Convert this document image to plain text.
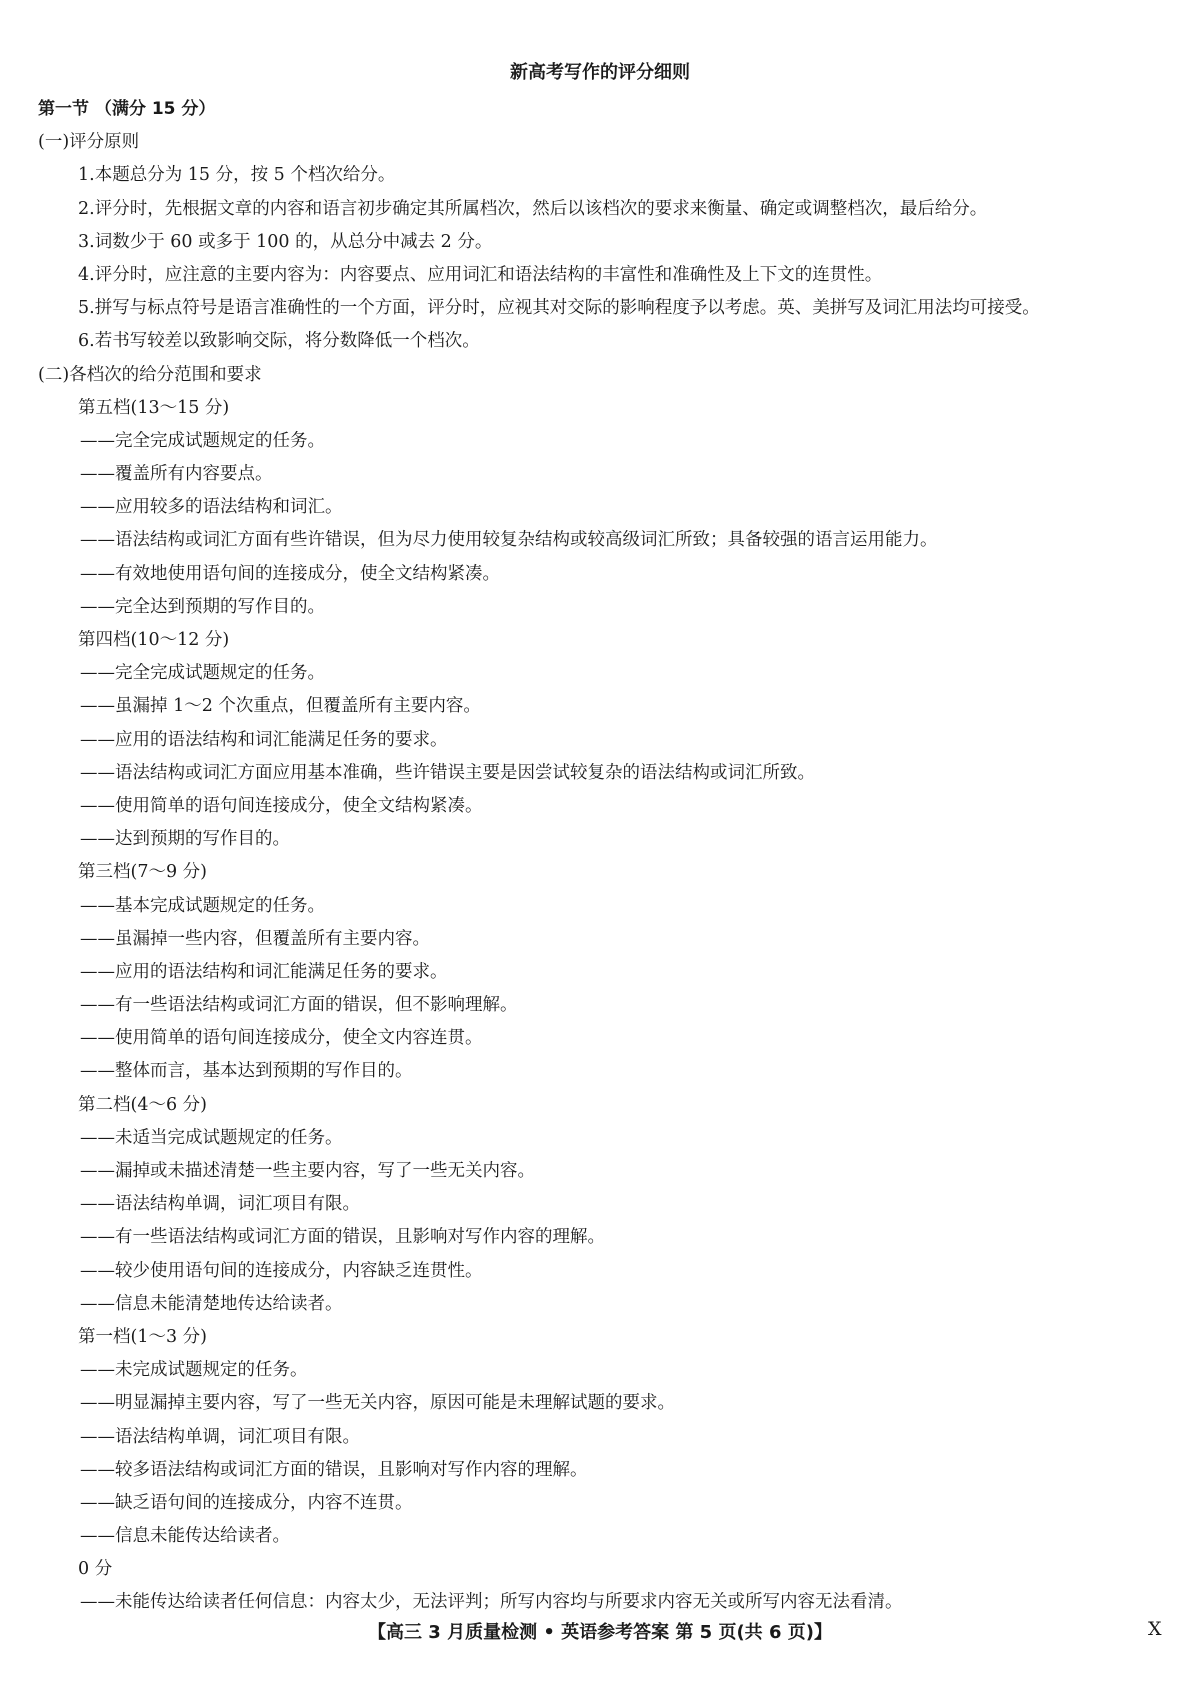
新高考写作的评分细则
第一节 （满分 15 分）
(一)评分原则
1.本题总分为 15 分，按 5 个档次给分。
2.评分时，先根据文章的内容和语言初步确定其所属档次，然后以该档次的要求来衡量、确定或调整档次，最后给分。
3.词数少于 60 或多于 100 的，从总分中减去 2 分。
4.评分时，应注意的主要内容为：内容要点、应用词汇和语法结构的丰富性和准确性及上下文的连贯性。
5.拼写与标点符号是语言准确性的一个方面，评分时，应视其对交际的影响程度予以考虑。英、美拼写及词汇用法均可接受。
6.若书写较差以致影响交际，将分数降低一个档次。
(二)各档次的给分范围和要求
第五档(13～15 分)
——完全完成试题规定的任务。
——覆盖所有内容要点。
——应用较多的语法结构和词汇。
——语法结构或词汇方面有些许错误，但为尽力使用较复杂结构或较高级词汇所致；具备较强的语言运用能力。
——有效地使用语句间的连接成分，使全文结构紧凑。
——完全达到预期的写作目的。
第四档(10～12 分)
——完全完成试题规定的任务。
——虽漏掉 1～2 个次重点，但覆盖所有主要内容。
——应用的语法结构和词汇能满足任务的要求。
——语法结构或词汇方面应用基本准确，些许错误主要是因尝试较复杂的语法结构或词汇所致。
——使用简单的语句间连接成分，使全文结构紧凑。
——达到预期的写作目的。
第三档(7～9 分)
——基本完成试题规定的任务。
——虽漏掉一些内容，但覆盖所有主要内容。
——应用的语法结构和词汇能满足任务的要求。
——有一些语法结构或词汇方面的错误，但不影响理解。
——使用简单的语句间连接成分，使全文内容连贯。
——整体而言，基本达到预期的写作目的。
第二档(4～6 分)
——未适当完成试题规定的任务。
——漏掉或未描述清楚一些主要内容，写了一些无关内容。
——语法结构单调，词汇项目有限。
——有一些语法结构或词汇方面的错误，且影响对写作内容的理解。
——较少使用语句间的连接成分，内容缺乏连贯性。
——信息未能清楚地传达给读者。
第一档(1～3 分)
——未完成试题规定的任务。
——明显漏掉主要内容，写了一些无关内容，原因可能是未理解试题的要求。
——语法结构单调，词汇项目有限。
——较多语法结构或词汇方面的错误，且影响对写作内容的理解。
——缺乏语句间的连接成分，内容不连贯。
——信息未能传达给读者。
0 分
——未能传达给读者任何信息：内容太少，无法评判；所写内容均与所要求内容无关或所写内容无法看清。
【高三 3 月质量检测 • 英语参考答案 第 5 页(共 6 页)】	X
